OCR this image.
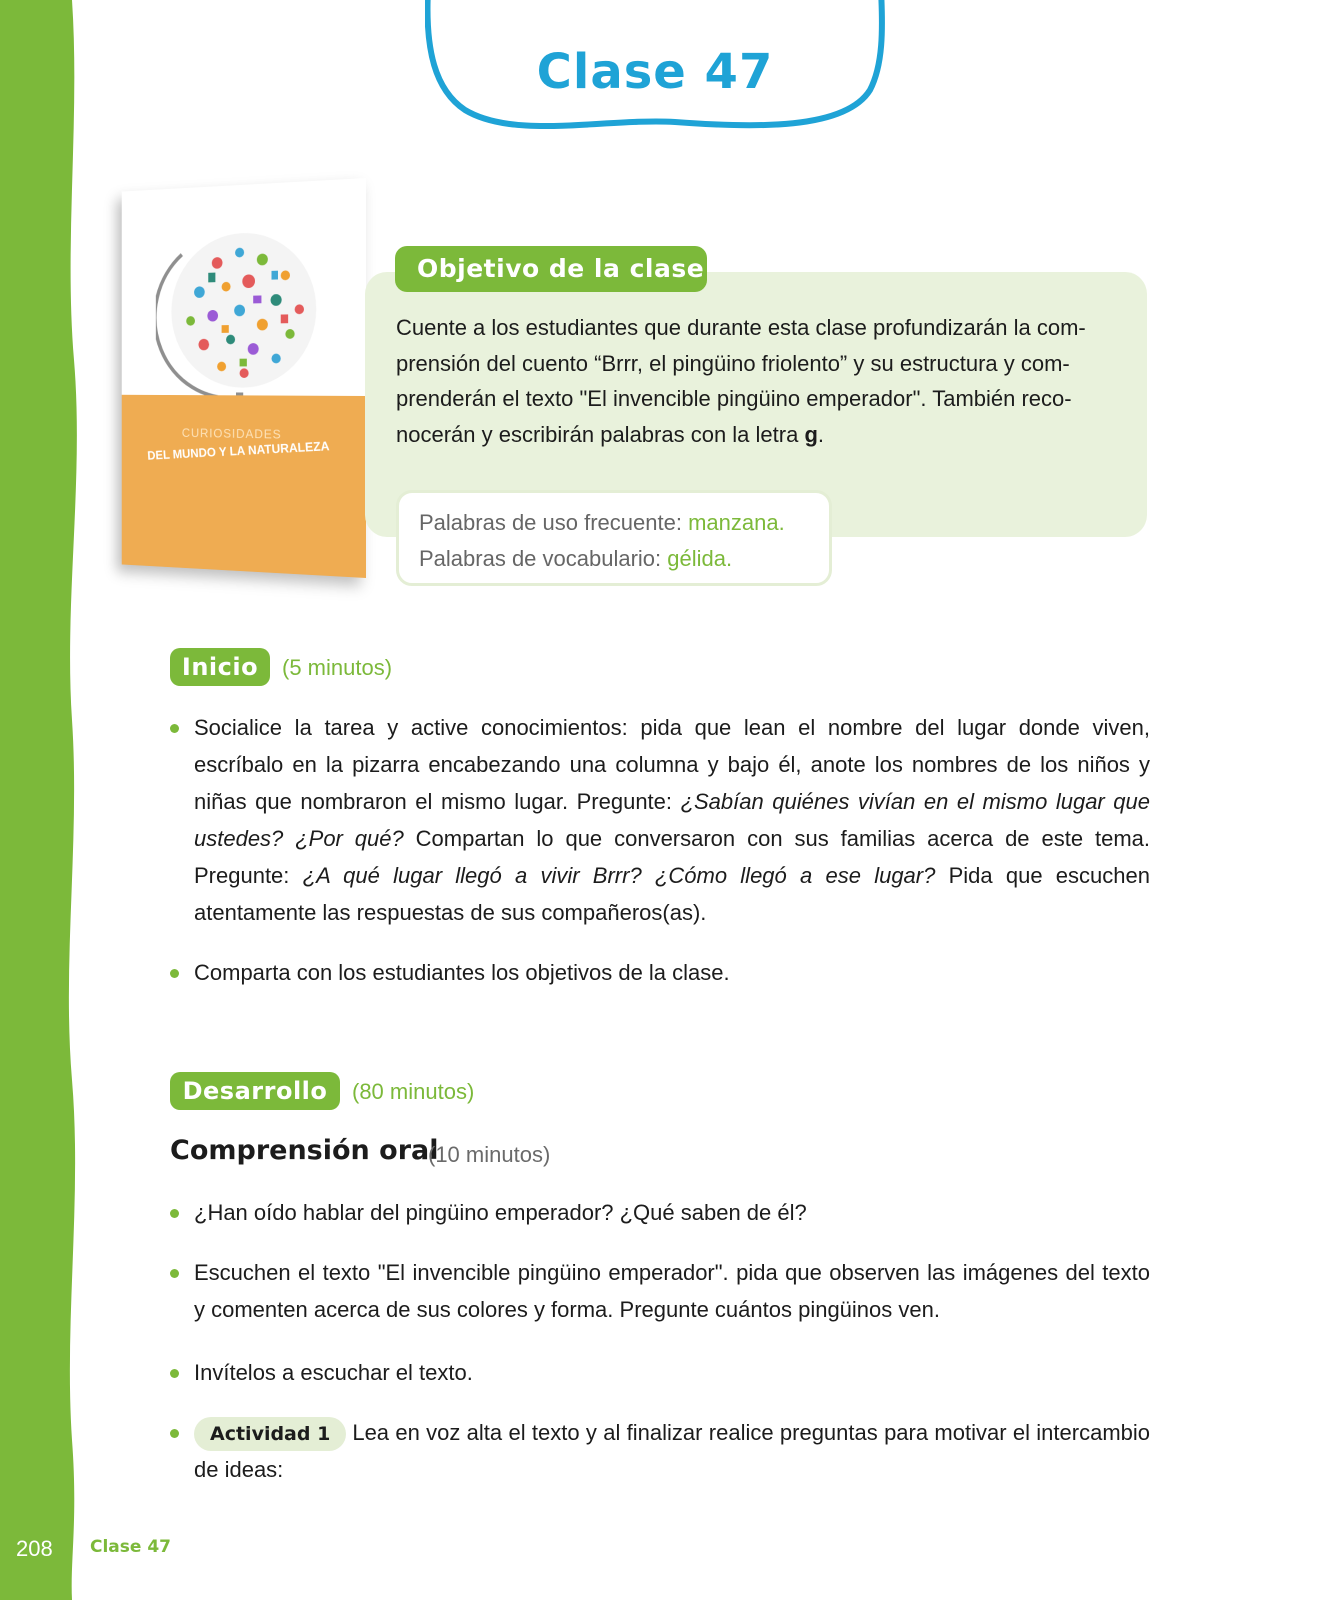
Clase 47
CURIOSIDADES
DEL MUNDO Y LA NATURALEZA
Objetivo de la clase
Cuente a los estudiantes que durante esta clase profundizarán la com-
prensión del cuento “Brrr, el pingüino friolento” y su estructura y com-
prenderán el texto "El invencible pingüino emperador". También reco-
nocerán y escribirán palabras con la letra g.
Palabras de uso frecuente: manzana.
Palabras de vocabulario: gélida.
Inicio	(5 minutos)
Socialice la tarea y active conocimientos: pida que lean el nombre del lugar donde viven, escríbalo en la pizarra encabezando una columna y bajo él, anote los nombres de los niños y niñas que nombraron el mismo lugar. Pregunte: ¿Sabían quiénes vivían en el mismo lugar que ustedes? ¿Por qué? Compartan lo que conversaron con sus familias acerca de este tema. Pregunte: ¿A qué lugar llegó a vivir Brrr? ¿Cómo llegó a ese lugar? Pida que escuchen atentamente las respuestas de sus compañeros(as).
Comparta con los estudiantes los objetivos de la clase.
Desarrollo	(80 minutos)
Comprensión oral
(10 minutos)
¿Han oído hablar del pingüino emperador? ¿Qué saben de él?
Escuchen el texto "El invencible pingüino emperador". pida que observen las imágenes del texto y comenten acerca de sus colores y forma. Pregunte cuántos pingüinos ven.
Invítelos a escuchar el texto.
Actividad 1 Lea en voz alta el texto y al finalizar realice preguntas para motivar el intercambio de ideas:
208 Clase 47
